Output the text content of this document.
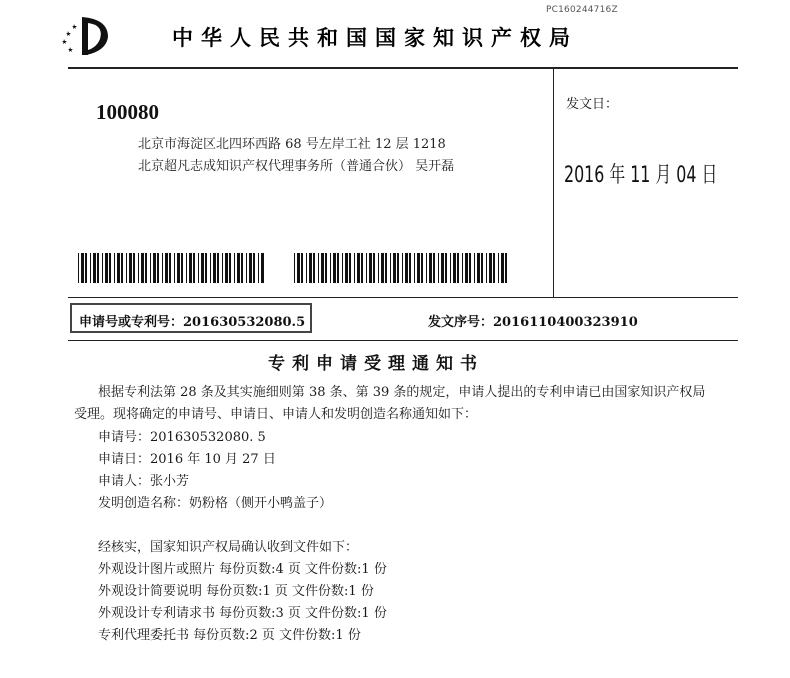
PC160244716Z
中华人民共和国国家知识产权局
100080
北京市海淀区北四环西路 68 号左岸工社 12 层 1218
北京超凡志成知识产权代理事务所（普通合伙） 吴开磊
发文日：
2016 年 11 月 04 日
申请号或专利号：201630532080.5	发文序号：2016110400323910
专利申请受理通知书
根据专利法第 28 条及其实施细则第 38 条、第 39 条的规定，申请人提出的专利申请已由国家知识产权局
受理。现将确定的申请号、申请日、申请人和发明创造名称通知如下：
申请号：201630532080. 5
申请日：2016 年 10 月 27 日
申请人：张小芳
发明创造名称：奶粉格（侧开小鸭盖子）
经核实，国家知识产权局确认收到文件如下：
外观设计图片或照片 每份页数:4 页 文件份数:1 份
外观设计简要说明 每份页数:1 页 文件份数:1 份
外观设计专利请求书 每份页数:3 页 文件份数:1 份
专利代理委托书 每份页数:2 页 文件份数:1 份
